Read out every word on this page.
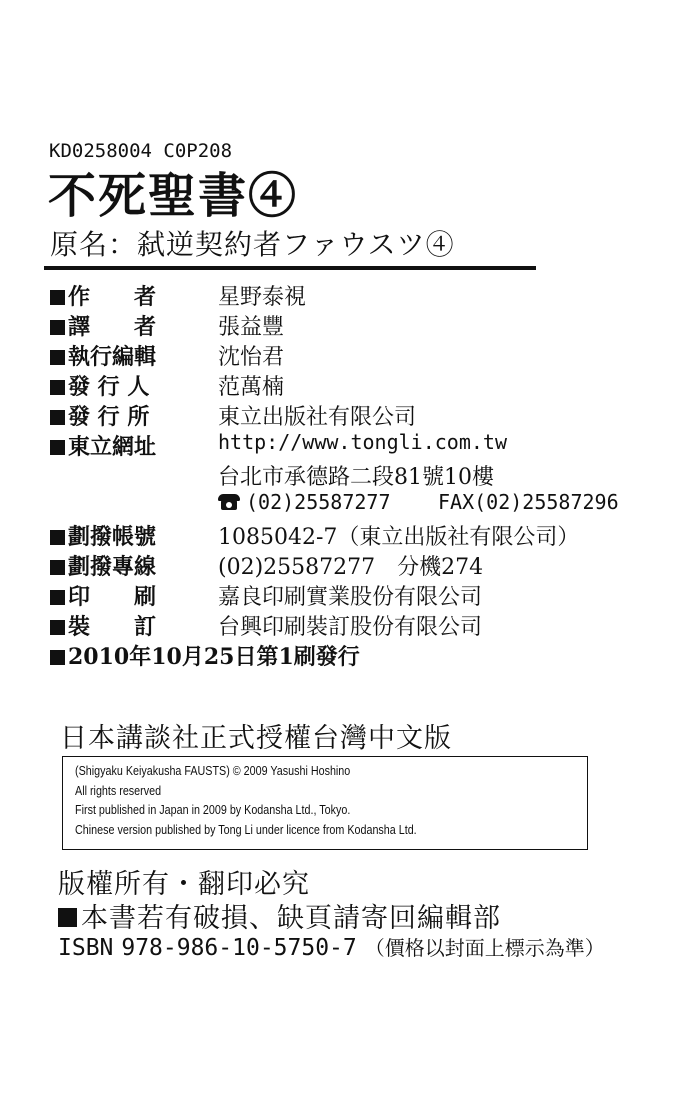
KD0258004 C0P208
不死聖書④
原名：弑逆契約者ファウスツ④
作　　者	星野泰視
譯　　者	張益豐
執行編輯	沈怡君
發 行 人	范萬楠
發 行 所	東立出版社有限公司
東立網址	http://www.tongli.com.tw
台北市承德路二段81號10樓
(02)25587277 FAX(02)25587296
劃撥帳號	1085042-7（東立出版社有限公司）
劃撥專線	(02)25587277　分機274
印　　刷	嘉良印刷實業股份有限公司
裝　　訂	台興印刷裝訂股份有限公司
2010年10月25日第1刷發行
日本講談社正式授權台灣中文版
(Shigyaku Keiyakusha FAUSTS) © 2009 Yasushi Hoshino
All rights reserved
First published in Japan in 2009 by Kodansha Ltd., Tokyo.
Chinese version published by Tong Li under licence from Kodansha Ltd.
版權所有・翻印必究
本書若有破損、缺頁請寄回編輯部
ISBN 978-986-10-5750-7 （價格以封面上標示為準）
